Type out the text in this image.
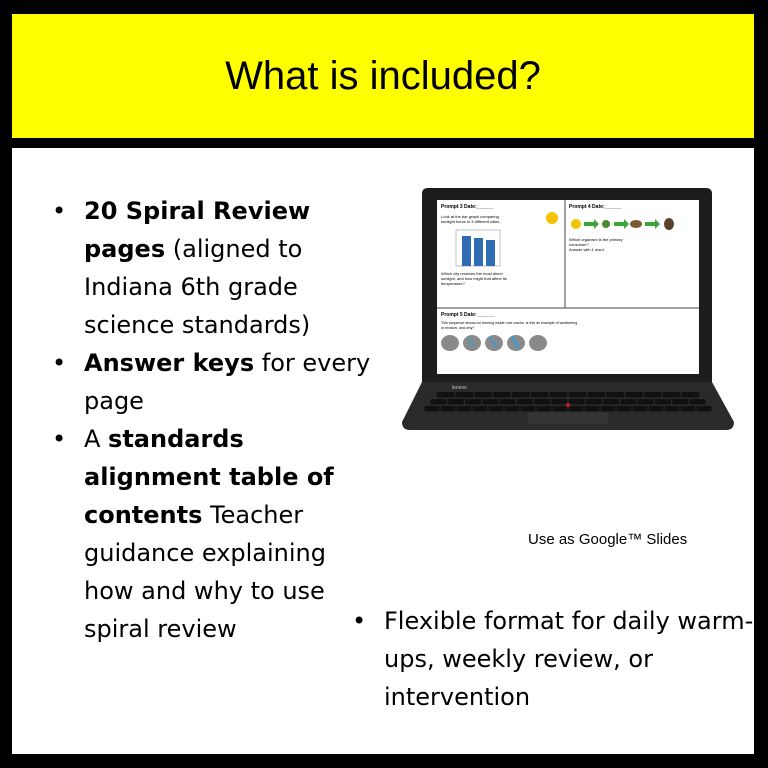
What is included?
• 20 Spiral Review pages (aligned to Indiana 6th grade science standards)
• Answer keys for every page
• A standards alignment table of contents Teacher guidance explaining how and why to use spiral review
Prompt 3 Date:______
Look at the bar graph comparing
sunlight hours in 3 different cities.
Which city receives the most direct
sunlight, and how might that affect its
temperature?
Prompt 4 Date:______
Which organism is the primary
consumer?
Answer with 1 word.
Prompt 5 Date: ______
This sequence shows ice forming inside rock cracks. Is this an example of weathering
or erosion, and why?
lenovo
Use as Google™ Slides
• Flexible format for daily warm-ups, weekly review, or intervention
